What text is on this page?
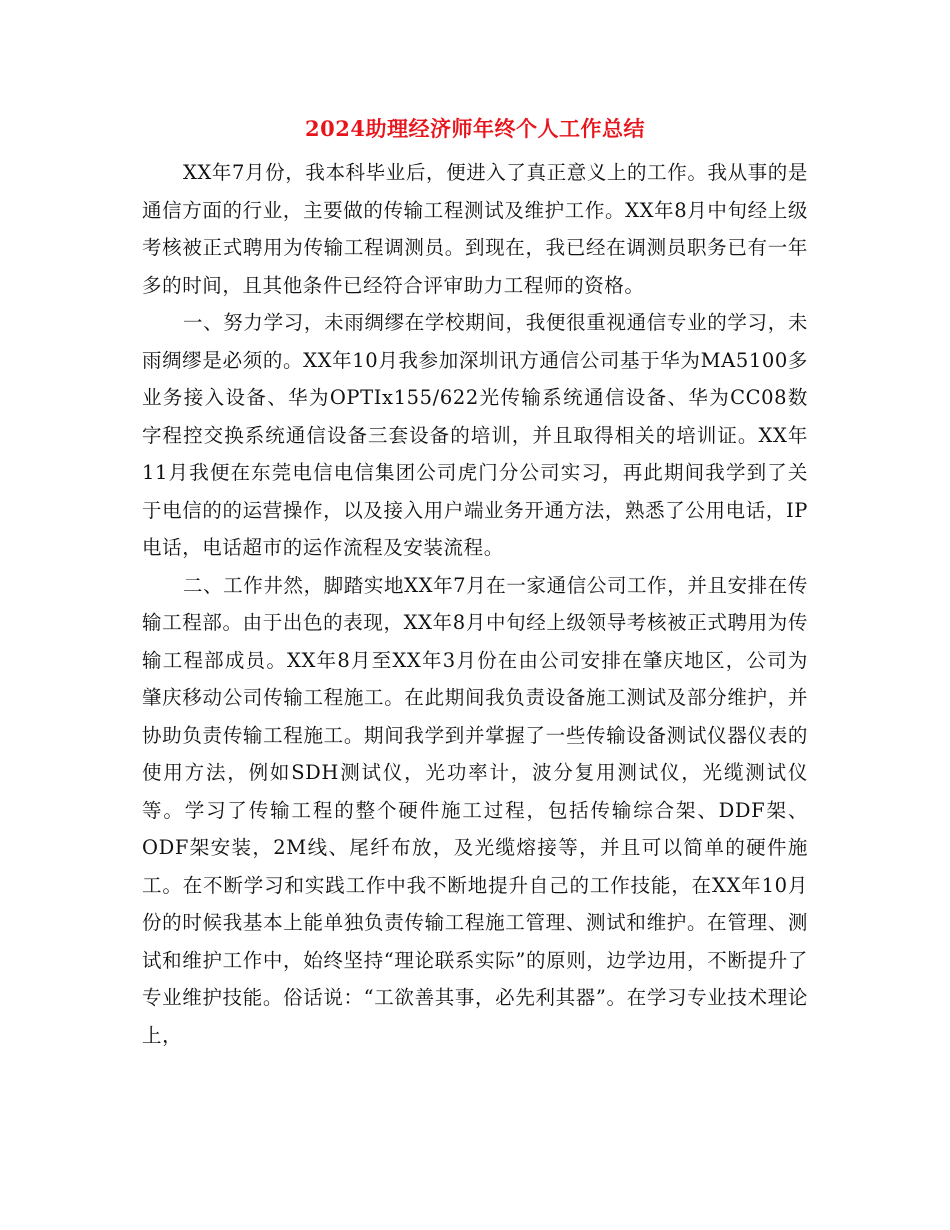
2024助理经济师年终个人工作总结

XX年7月份，我本科毕业后，便进入了真正意义上的工作。我从事的是通信方面的行业，主要做的传输工程测试及维护工作。XX年8月中旬经上级考核被正式聘用为传输工程调测员。到现在，我已经在调测员职务已有一年多的时间，且其他条件已经符合评审助力工程师的资格。

一、努力学习，未雨绸缪在学校期间，我便很重视通信专业的学习，未雨绸缪是必须的。XX年10月我参加深圳讯方通信公司基于华为MA5100多业务接入设备、华为OPTIx155/622光传输系统通信设备、华为CC08数字程控交换系统通信设备三套设备的培训，并且取得相关的培训证。XX年11月我便在东莞电信电信集团公司虎门分公司实习，再此期间我学到了关于电信的的运营操作，以及接入用户端业务开通方法，熟悉了公用电话，IP电话，电话超市的运作流程及安装流程。

二、工作井然，脚踏实地XX年7月在一家通信公司工作，并且安排在传输工程部。由于出色的表现，XX年8月中旬经上级领导考核被正式聘用为传输工程部成员。XX年8月至XX年3月份在由公司安排在肇庆地区，公司为肇庆移动公司传输工程施工。在此期间我负责设备施工测试及部分维护，并协助负责传输工程施工。期间我学到并掌握了一些传输设备测试仪器仪表的使用方法，例如SDH测试仪，光功率计，波分复用测试仪，光缆测试仪等。学习了传输工程的整个硬件施工过程，包括传输综合架、DDF架、ODF架安装，2M线、尾纤布放，及光缆熔接等，并且可以简单的硬件施工。在不断学习和实践工作中我不断地提升自己的工作技能，在XX年10月份的时候我基本上能单独负责传输工程施工管理、测试和维护。在管理、测试和维护工作中，始终坚持“理论联系实际”的原则，边学边用，不断提升了专业维护技能。俗话说：“工欲善其事，必先利其器”。在学习专业技术理论上，
